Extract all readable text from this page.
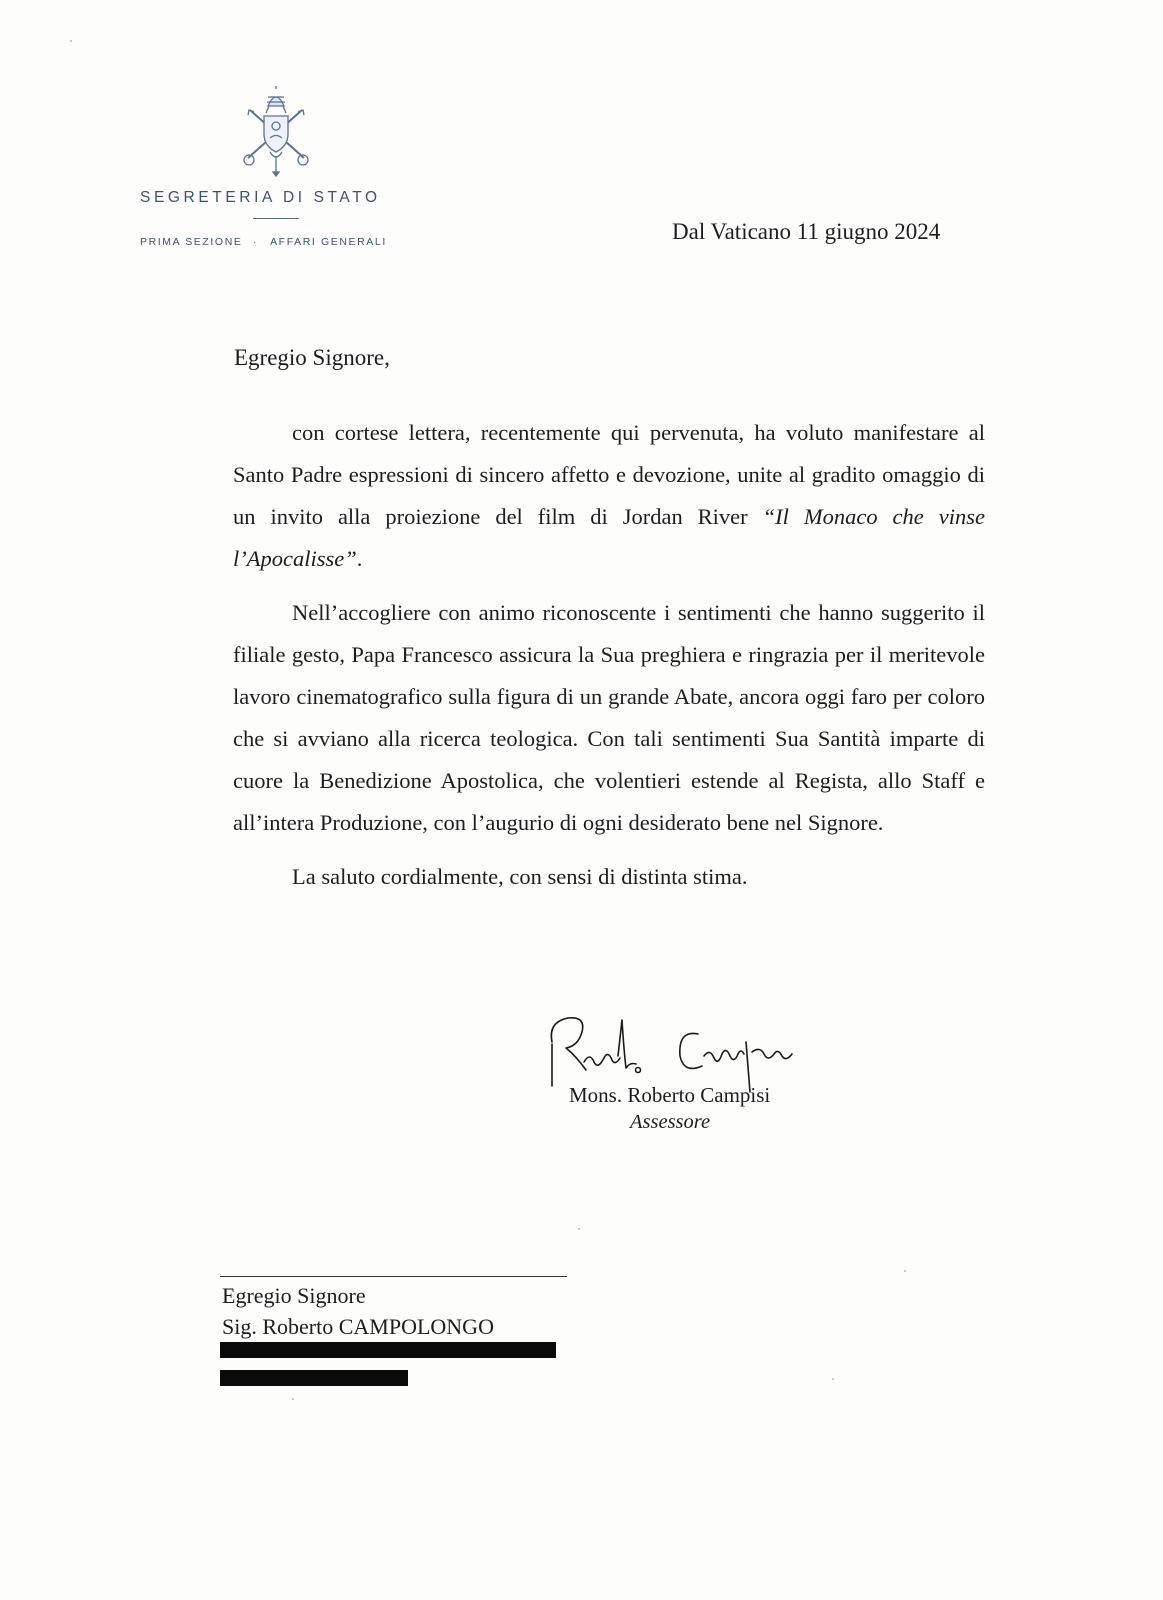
SEGRETERIA DI STATO
PRIMA SEZIONE · AFFARI GENERALI	Dal Vaticano 11 giugno 2024
Egregio Signore,

con cortese lettera, recentemente qui pervenuta, ha voluto manifestare al Santo Padre espressioni di sincero affetto e devozione, unite al gradito omaggio di un invito alla proiezione del film di Jordan River “Il Monaco che vinse l’Apocalisse”.

Nell’accogliere con animo riconoscente i sentimenti che hanno suggerito il filiale gesto, Papa Francesco assicura la Sua preghiera e ringrazia per il meritevole lavoro cinematografico sulla figura di un grande Abate, ancora oggi faro per coloro che si avviano alla ricerca teologica. Con tali sentimenti Sua Santità imparte di cuore la Benedizione Apostolica, che volentieri estende al Regista, allo Staff e all’intera Produzione, con l’augurio di ogni desiderato bene nel Signore.

La saluto cordialmente, con sensi di distinta stima.

Mons. Roberto Campisi
Assessore
Egregio Signore
Sig. Roberto CAMPOLONGO
